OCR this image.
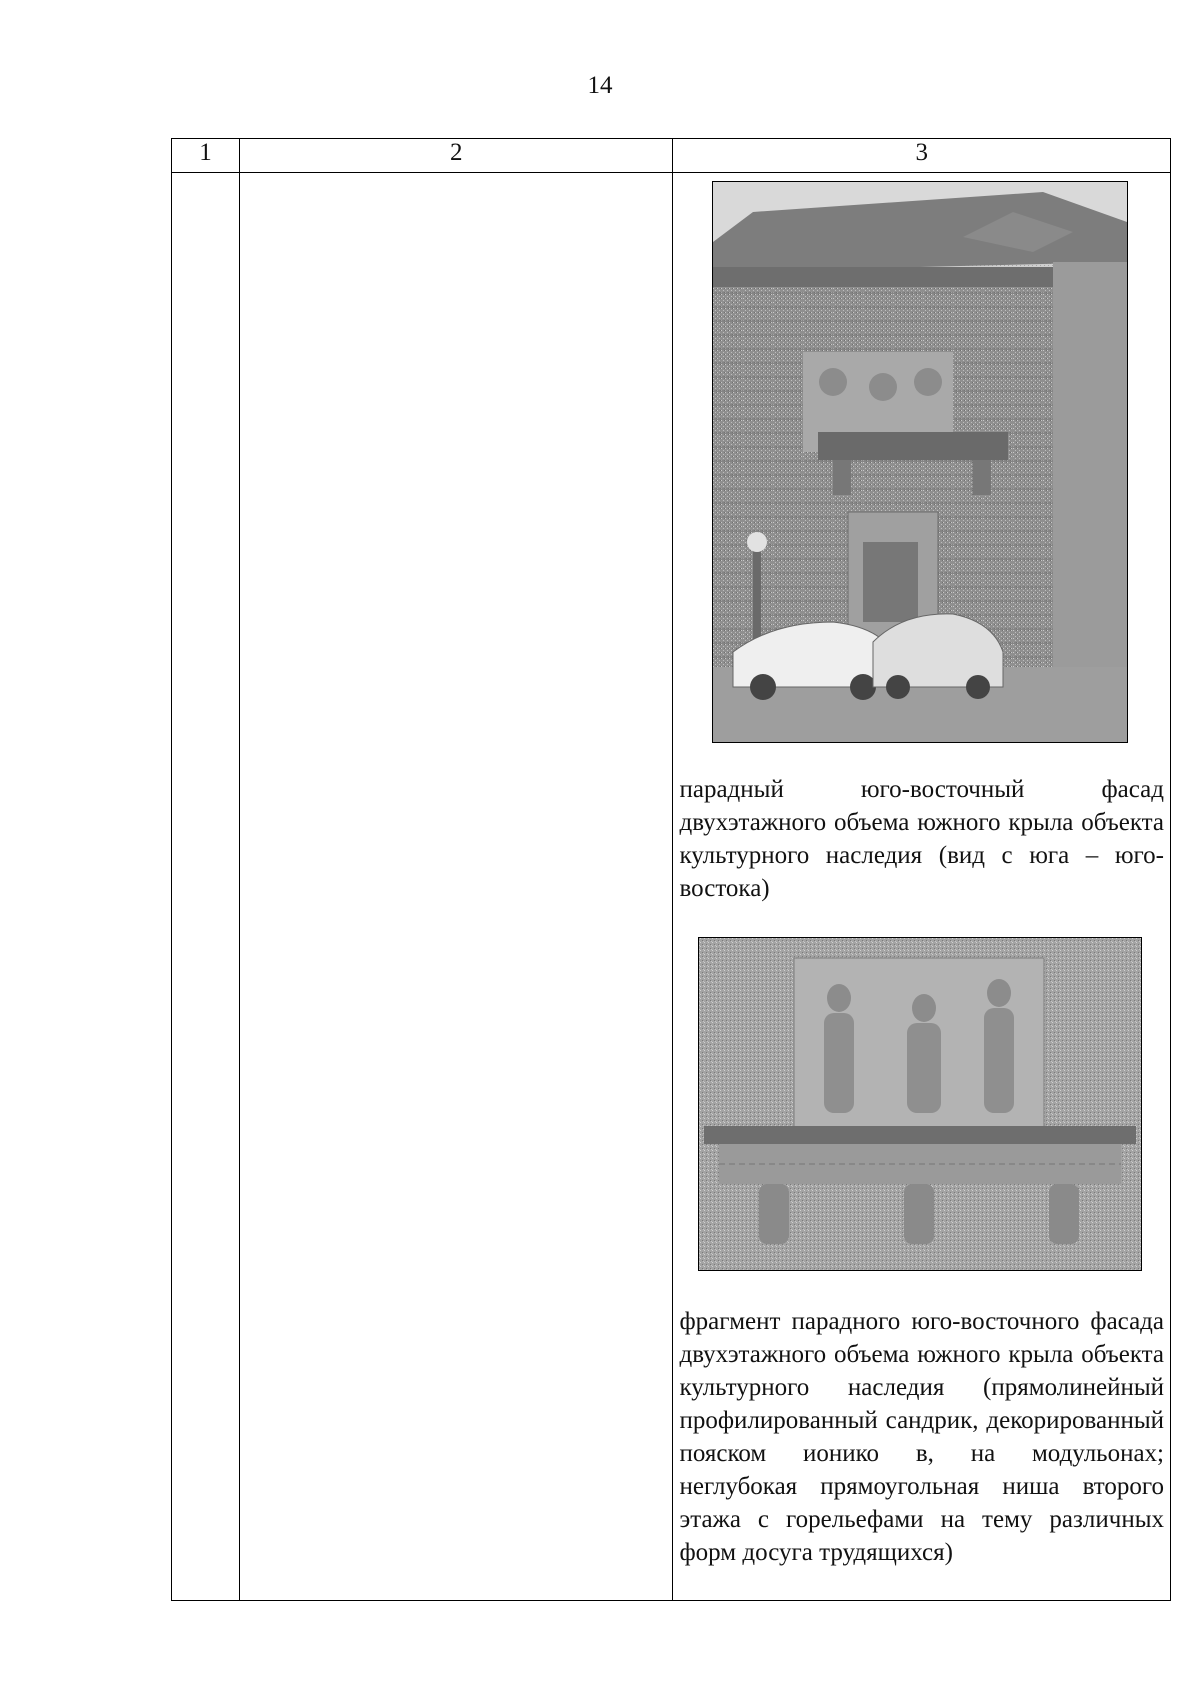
14
1	2	3

		парадный юго-восточный фасад двухэтажного объема южного крыла объекта культурного наследия (вид с юга – юго-востока)

фрагмент парадного юго-восточного фасада двухэтажного объема южного крыла объекта культурного наследия (прямолинейный профилированный сандрик, декорированный пояском ионико в, на модульонах; неглубокая прямоугольная ниша второго этажа с горельефами на тему различных форм досуга трудящихся)
